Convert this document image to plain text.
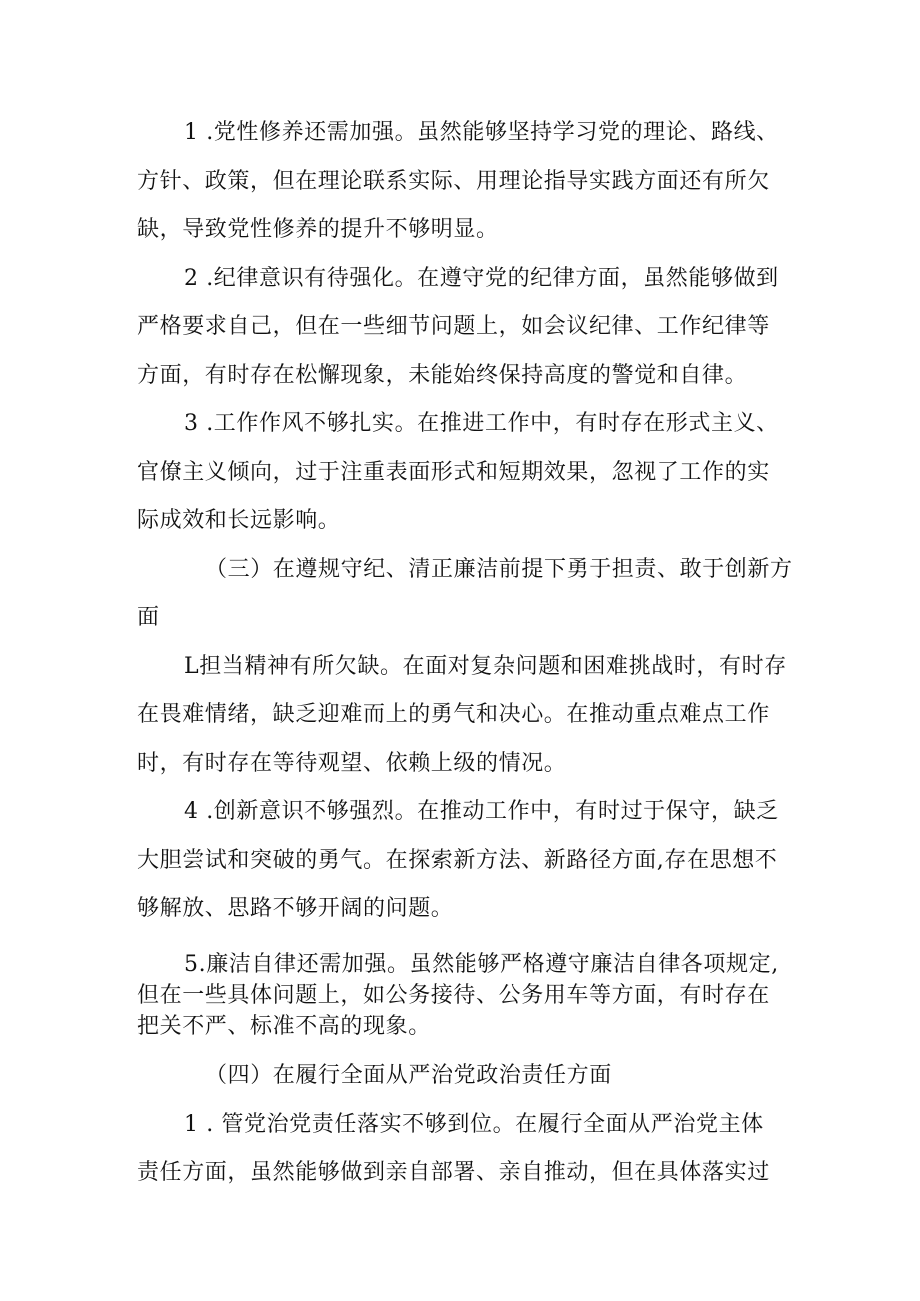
1 .党性修养还需加强。虽然能够坚持学习党的理论、路线、
方针、政策，但在理论联系实际、用理论指导实践方面还有所欠
缺，导致党性修养的提升不够明显。
2 .纪律意识有待强化。在遵守党的纪律方面，虽然能够做到
严格要求自己，但在一些细节问题上，如会议纪律、工作纪律等
方面，有时存在松懈现象，未能始终保持高度的警觉和自律。
3 .工作作风不够扎实。在推进工作中，有时存在形式主义、
官僚主义倾向，过于注重表面形式和短期效果，忽视了工作的实
际成效和长远影响。
（三）在遵规守纪、清正廉洁前提下勇于担责、敢于创新方
面
L担当精神有所欠缺。在面对复杂问题和困难挑战时，有时存
在畏难情绪，缺乏迎难而上的勇气和决心。在推动重点难点工作
时，有时存在等待观望、依赖上级的情况。
4 .创新意识不够强烈。在推动工作中，有时过于保守，缺乏
大胆尝试和突破的勇气。在探索新方法、新路径方面,存在思想不
够解放、思路不够开阔的问题。
5.廉洁自律还需加强。虽然能够严格遵守廉洁自律各项规定,
但在一些具体问题上，如公务接待、公务用车等方面，有时存在
把关不严、标准不高的现象。
（四）在履行全面从严治党政治责任方面
1 . 管党治党责任落实不够到位。在履行全面从严治党主体
责任方面，虽然能够做到亲自部署、亲自推动，但在具体落实过
